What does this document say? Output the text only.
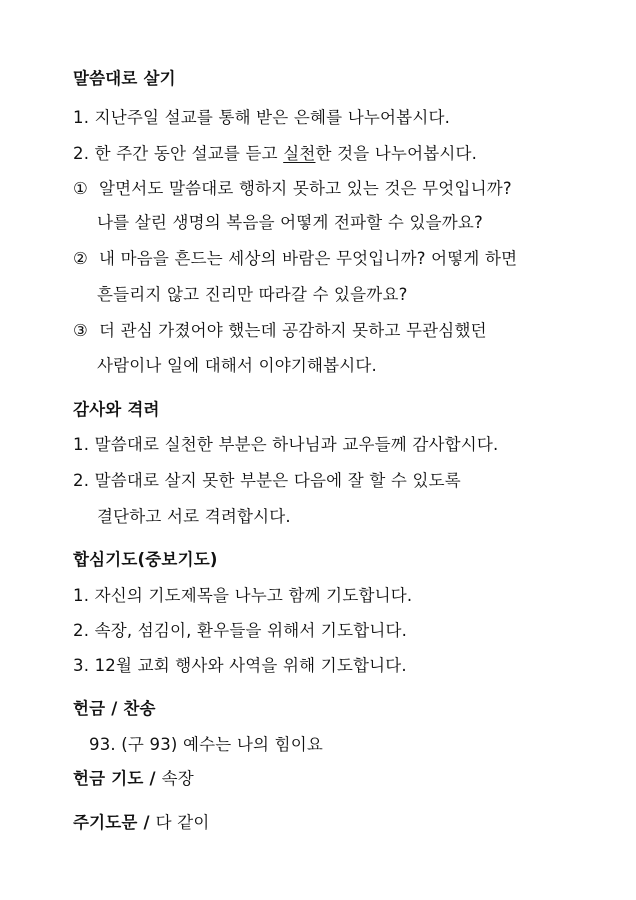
말씀대로 살기
1. 지난주일 설교를 통해 받은 은혜를 나누어봅시다.
2. 한 주간 동안 설교를 듣고 실천한 것을 나누어봅시다.
① 알면서도 말씀대로 행하지 못하고 있는 것은 무엇입니까?
나를 살린 생명의 복음을 어떻게 전파할 수 있을까요?
② 내 마음을 흔드는 세상의 바람은 무엇입니까? 어떻게 하면
흔들리지 않고 진리만 따라갈 수 있을까요?
③ 더 관심 가졌어야 했는데 공감하지 못하고 무관심했던
사람이나 일에 대해서 이야기해봅시다.
감사와 격려
1. 말씀대로 실천한 부분은 하나님과 교우들께 감사합시다.
2. 말씀대로 살지 못한 부분은 다음에 잘 할 수 있도록
결단하고 서로 격려합시다.
합심기도(중보기도)
1. 자신의 기도제목을 나누고 함께 기도합니다.
2. 속장, 섬김이, 환우들을 위해서 기도합니다.
3. 12월 교회 행사와 사역을 위해 기도합니다.
헌금 / 찬송
93. (구 93) 예수는 나의 힘이요
헌금 기도 / 속장
주기도문 / 다 같이
